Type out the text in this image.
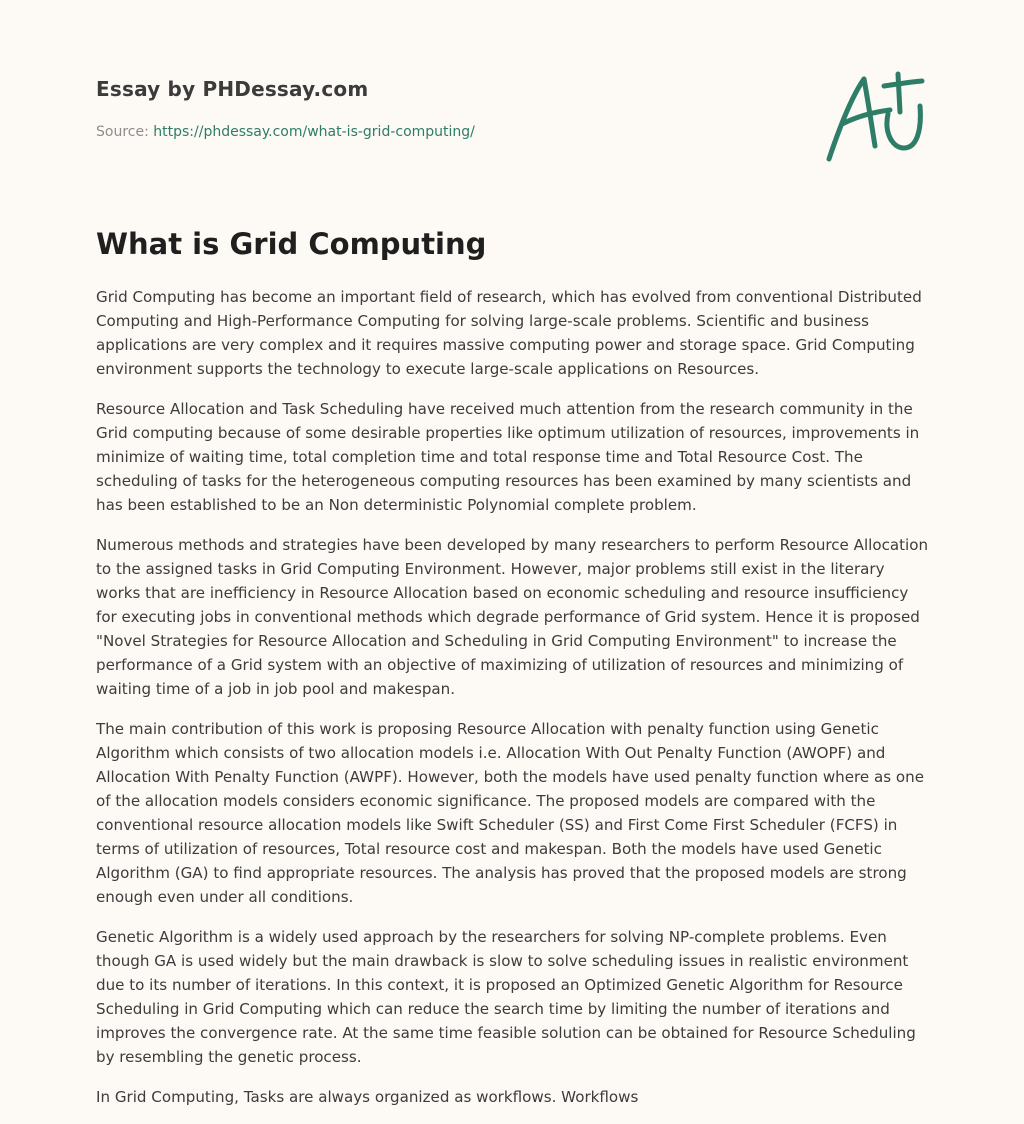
Essay by PHDessay.com
Source: https://phdessay.com/what-is-grid-computing/
What is Grid Computing

Grid Computing has become an important field of research, which has evolved from conventional Distributed Computing and High-Performance Computing for solving large-scale problems. Scientific and business applications are very complex and it requires massive computing power and storage space. Grid Computing environment supports the technology to execute large-scale applications on Resources.

Resource Allocation and Task Scheduling have received much attention from the research community in the Grid computing because of some desirable properties like optimum utilization of resources, improvements in minimize of waiting time, total completion time and total response time and Total Resource Cost. The scheduling of tasks for the heterogeneous computing resources has been examined by many scientists and has been established to be an Non deterministic Polynomial complete problem.

Numerous methods and strategies have been developed by many researchers to perform Resource Allocation to the assigned tasks in Grid Computing Environment. However, major problems still exist in the literary works that are inefficiency in Resource Allocation based on economic scheduling and resource insufficiency for executing jobs in conventional methods which degrade performance of Grid system. Hence it is proposed "Novel Strategies for Resource Allocation and Scheduling in Grid Computing Environment" to increase the performance of a Grid system with an objective of maximizing of utilization of resources and minimizing of waiting time of a job in job pool and makespan.

The main contribution of this work is proposing Resource Allocation with penalty function using Genetic Algorithm which consists of two allocation models i.e. Allocation With Out Penalty Function (AWOPF) and Allocation With Penalty Function (AWPF). However, both the models have used penalty function where as one of the allocation models considers economic significance. The proposed models are compared with the conventional resource allocation models like Swift Scheduler (SS) and First Come First Scheduler (FCFS) in terms of utilization of resources, Total resource cost and makespan. Both the models have used Genetic Algorithm (GA) to find appropriate resources. The analysis has proved that the proposed models are strong enough even under all conditions.

Genetic Algorithm is a widely used approach by the researchers for solving NP-complete problems. Even though GA is used widely but the main drawback is slow to solve scheduling issues in realistic environment due to its number of iterations. In this context, it is proposed an Optimized Genetic Algorithm for Resource Scheduling in Grid Computing which can reduce the search time by limiting the number of iterations and improves the convergence rate. At the same time feasible solution can be obtained for Resource Scheduling by resembling the genetic process.

In Grid Computing, Tasks are always organized as workflows. Workflows
